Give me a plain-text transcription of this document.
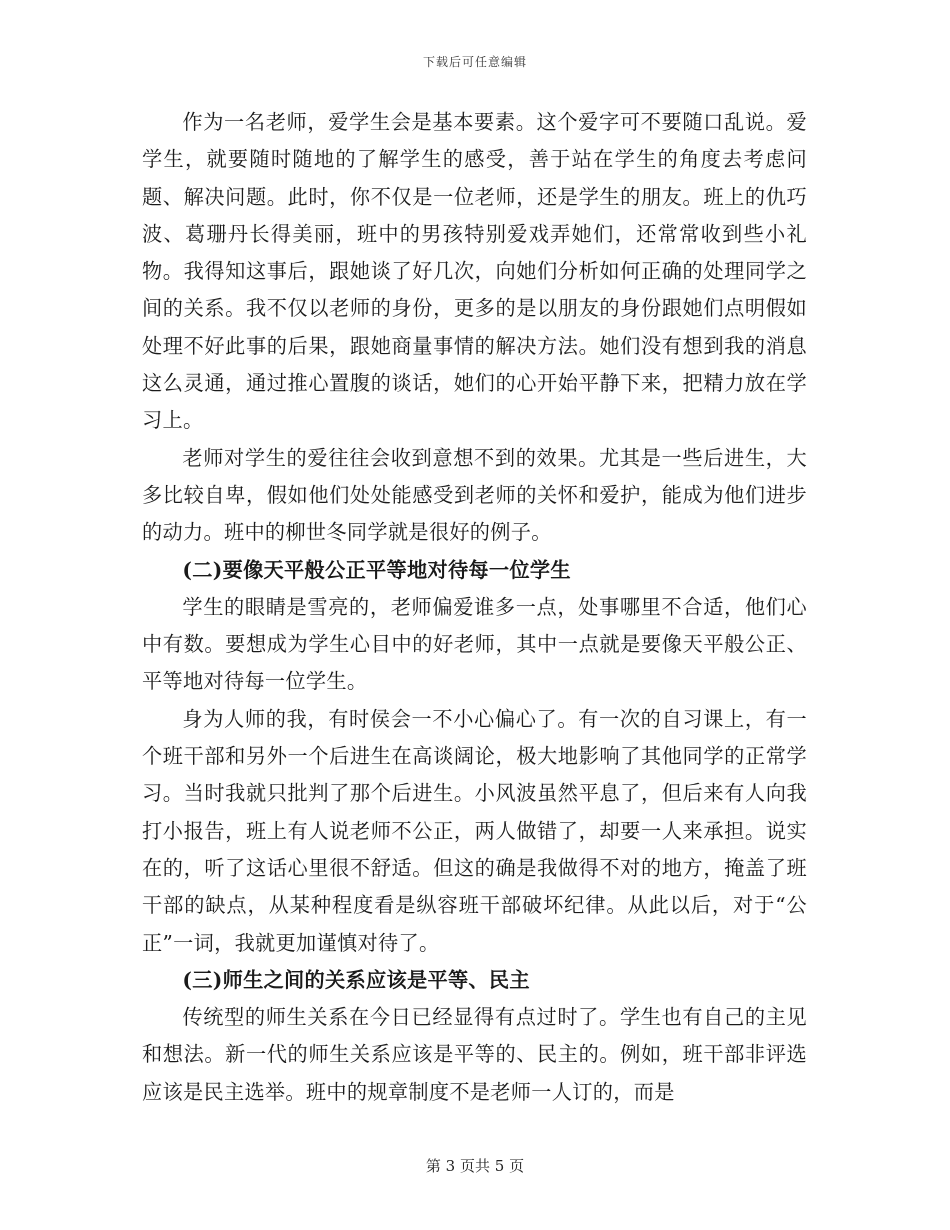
下载后可任意编辑

作为一名老师，爱学生会是基本要素。这个爱字可不要随口乱说。爱学生，就要随时随地的了解学生的感受，善于站在学生的角度去考虑问题、解决问题。此时，你不仅是一位老师，还是学生的朋友。班上的仇巧波、葛珊丹长得美丽，班中的男孩特别爱戏弄她们，还常常收到些小礼物。我得知这事后，跟她谈了好几次，向她们分析如何正确的处理同学之间的关系。我不仅以老师的身份，更多的是以朋友的身份跟她们点明假如处理不好此事的后果，跟她商量事情的解决方法。她们没有想到我的消息这么灵通，通过推心置腹的谈话，她们的心开始平静下来，把精力放在学习上。

老师对学生的爱往往会收到意想不到的效果。尤其是一些后进生，大多比较自卑，假如他们处处能感受到老师的关怀和爱护，能成为他们进步的动力。班中的柳世冬同学就是很好的例子。

(二)要像天平般公正平等地对待每一位学生

学生的眼睛是雪亮的，老师偏爱谁多一点，处事哪里不合适，他们心中有数。要想成为学生心目中的好老师，其中一点就是要像天平般公正、平等地对待每一位学生。

身为人师的我，有时侯会一不小心偏心了。有一次的自习课上，有一个班干部和另外一个后进生在高谈阔论，极大地影响了其他同学的正常学习。当时我就只批判了那个后进生。小风波虽然平息了，但后来有人向我打小报告，班上有人说老师不公正，两人做错了，却要一人来承担。说实在的，听了这话心里很不舒适。但这的确是我做得不对的地方，掩盖了班干部的缺点，从某种程度看是纵容班干部破坏纪律。从此以后，对于“公正”一词，我就更加谨慎对待了。

(三)师生之间的关系应该是平等、民主

传统型的师生关系在今日已经显得有点过时了。学生也有自己的主见和想法。新一代的师生关系应该是平等的、民主的。例如，班干部非评选应该是民主选举。班中的规章制度不是老师一人订的，而是

第 3 页共 5 页
